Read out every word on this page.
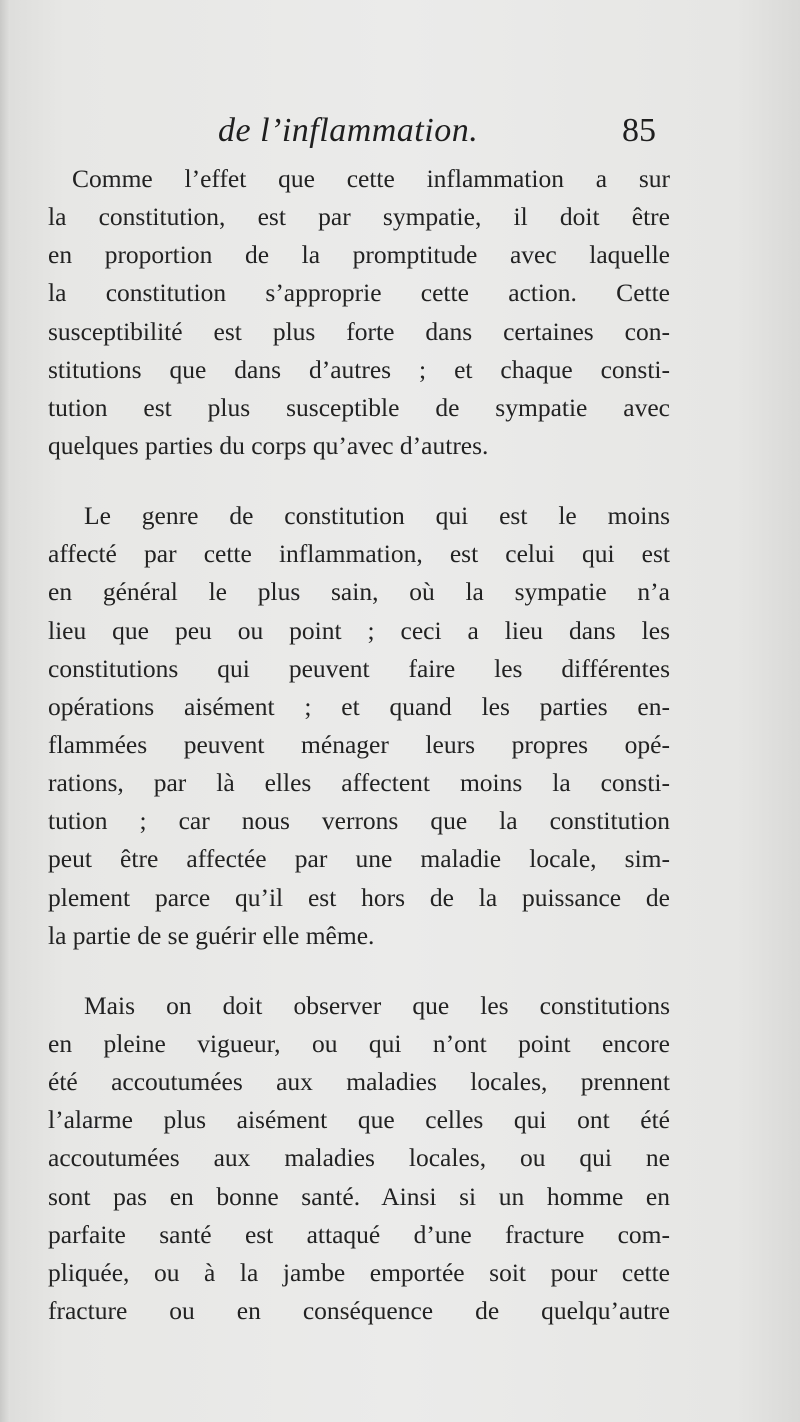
de l’inflammation.	85
Comme l’effet que cette inflammation a sur
la constitution, est par sympatie, il doit être
en proportion de la promptitude avec laquelle
la constitution s’approprie cette action. Cette
susceptibilité est plus forte dans certaines con-
stitutions que dans d’autres ; et chaque consti-
tution est plus susceptible de sympatie avec
quelques parties du corps qu’avec d’autres.
Le genre de constitution qui est le moins
affecté par cette inflammation, est celui qui est
en général le plus sain, où la sympatie n’a
lieu que peu ou point ; ceci a lieu dans les
constitutions qui peuvent faire les différentes
opérations aisément ; et quand les parties en-
flammées peuvent ménager leurs propres opé-
rations, par là elles affectent moins la consti-
tution ; car nous verrons que la constitution
peut être affectée par une maladie locale, sim-
plement parce qu’il est hors de la puissance de
la partie de se guérir elle même.
Mais on doit observer que les constitutions
en pleine vigueur, ou qui n’ont point encore
été accoutumées aux maladies locales, prennent
l’alarme plus aisément que celles qui ont été
accoutumées aux maladies locales, ou qui ne
sont pas en bonne santé. Ainsi si un homme en
parfaite santé est attaqué d’une fracture com-
pliquée, ou à la jambe emportée soit pour cette
fracture ou en conséquence de quelqu’autre
